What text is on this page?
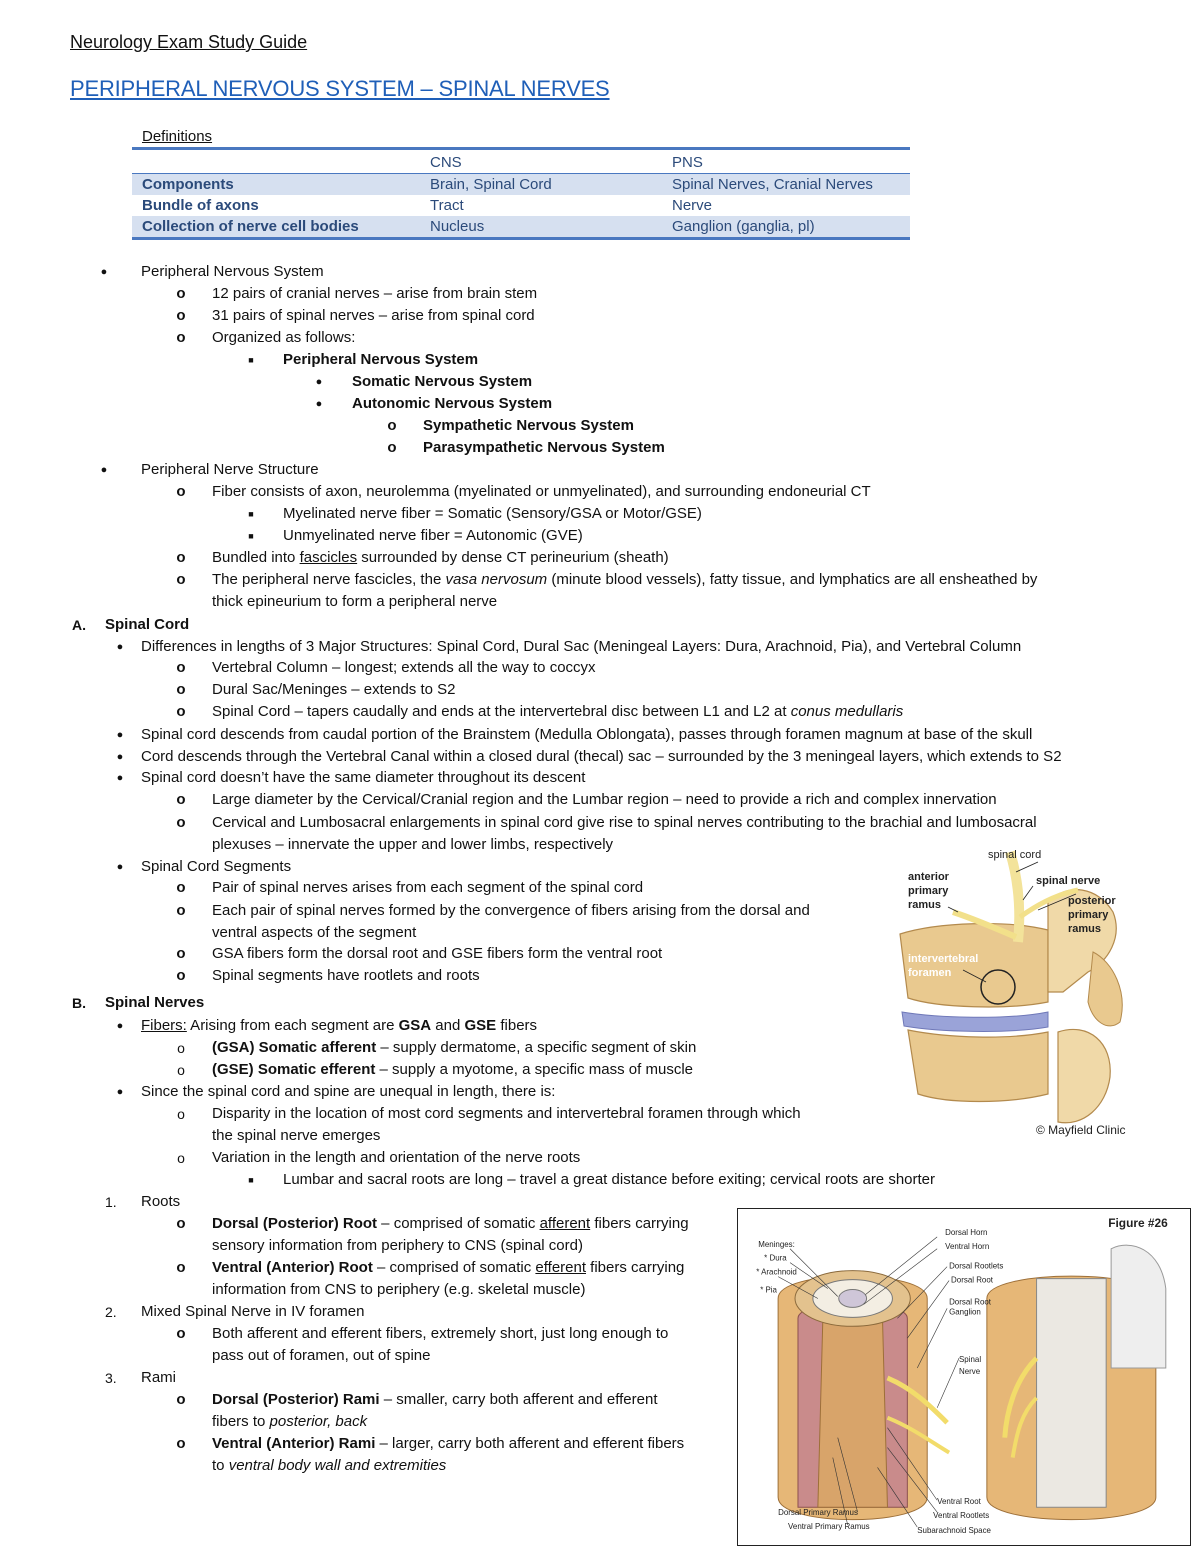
Neurology Exam Study Guide
PERIPHERAL NERVOUS SYSTEM – SPINAL NERVES
Definitions
	CNS	PNS
Components	Brain, Spinal Cord	Spinal Nerves, Cranial Nerves
Bundle of axons	Tract	Nerve
Collection of nerve cell bodies	Nucleus	Ganglion (ganglia, pl)
●	Peripheral Nervous System
o	12 pairs of cranial nerves – arise from brain stem
o	31 pairs of spinal nerves – arise from spinal cord
o	Organized as follows:
■	Peripheral Nervous System
●	Somatic Nervous System
●	Autonomic Nervous System
o	Sympathetic Nervous System
o	Parasympathetic Nervous System
●	Peripheral Nerve Structure
o	Fiber consists of axon, neurolemma (myelinated or unmyelinated), and surrounding endoneurial CT
■	Myelinated nerve fiber = Somatic (Sensory/GSA or Motor/GSE)
■	Unmyelinated nerve fiber = Autonomic (GVE)
o	Bundled into fascicles surrounded by dense CT perineurium (sheath)
o	The peripheral nerve fascicles, the vasa nervosum (minute blood vessels), fatty tissue, and lymphatics are all ensheathed by
thick epineurium to form a peripheral nerve
A.	Spinal Cord
●	Differences in lengths of 3 Major Structures: Spinal Cord, Dural Sac (Meningeal Layers: Dura, Arachnoid, Pia), and Vertebral Column
o	Vertebral Column – longest; extends all the way to coccyx
o	Dural Sac/Meninges – extends to S2
o	Spinal Cord – tapers caudally and ends at the intervertebral disc between L1 and L2 at conus medullaris
●	Spinal cord descends from caudal portion of the Brainstem (Medulla Oblongata), passes through foramen magnum at base of the skull
●	Cord descends through the Vertebral Canal within a closed dural (thecal) sac – surrounded by the 3 meningeal layers, which extends to S2
●	Spinal cord doesn’t have the same diameter throughout its descent
o	Large diameter by the Cervical/Cranial region and the Lumbar region – need to provide a rich and complex innervation
o	Cervical and Lumbosacral enlargements in spinal cord give rise to spinal nerves contributing to the brachial and lumbosacral
plexuses – innervate the upper and lower limbs, respectively
●	Spinal Cord Segments
o	Pair of spinal nerves arises from each segment of the spinal cord
o	Each pair of spinal nerves formed by the convergence of fibers arising from the dorsal and
ventral aspects of the segment
o	GSA fibers form the dorsal root and GSE fibers form the ventral root
o	Spinal segments have rootlets and roots
B.	Spinal Nerves
●	Fibers: Arising from each segment are GSA and GSE fibers
o	(GSA) Somatic afferent – supply dermatome, a specific segment of skin
o	(GSE) Somatic efferent – supply a myotome, a specific mass of muscle
●	Since the spinal cord and spine are unequal in length, there is:
o	Disparity in the location of most cord segments and intervertebral foramen through which
the spinal nerve emerges
o	Variation in the length and orientation of the nerve roots
■	Lumbar and sacral roots are long – travel a great distance before exiting; cervical roots are shorter
1.	Roots
o	Dorsal (Posterior) Root – comprised of somatic afferent fibers carrying
sensory information from periphery to CNS (spinal cord)
o	Ventral (Anterior) Root – comprised of somatic efferent fibers carrying
information from CNS to periphery (e.g. skeletal muscle)
2.	Mixed Spinal Nerve in IV foramen
o	Both afferent and efferent fibers, extremely short, just long enough to
pass out of foramen, out of spine
3.	Rami
o	Dorsal (Posterior) Rami – smaller, carry both afferent and efferent
fibers to posterior, back
o	Ventral (Anterior) Rami – larger, carry both afferent and efferent fibers
to ventral body wall and extremities
spinal cord
spinal nerve
anterior
primary
ramus	posterior
primary
ramus
intervertebral
foramen
© Mayfield Clinic
Figure #26
Meninges:
* Dura
* Arachnoid
* Pia
Dorsal Horn
Ventral Horn
Dorsal Rootlets
Dorsal Root
Dorsal Root
Ganglion
Spinal
Nerve
Dorsal Primary Ramus
Ventral Primary Ramus
Ventral Root
Ventral Rootlets
Subarachnoid Space
